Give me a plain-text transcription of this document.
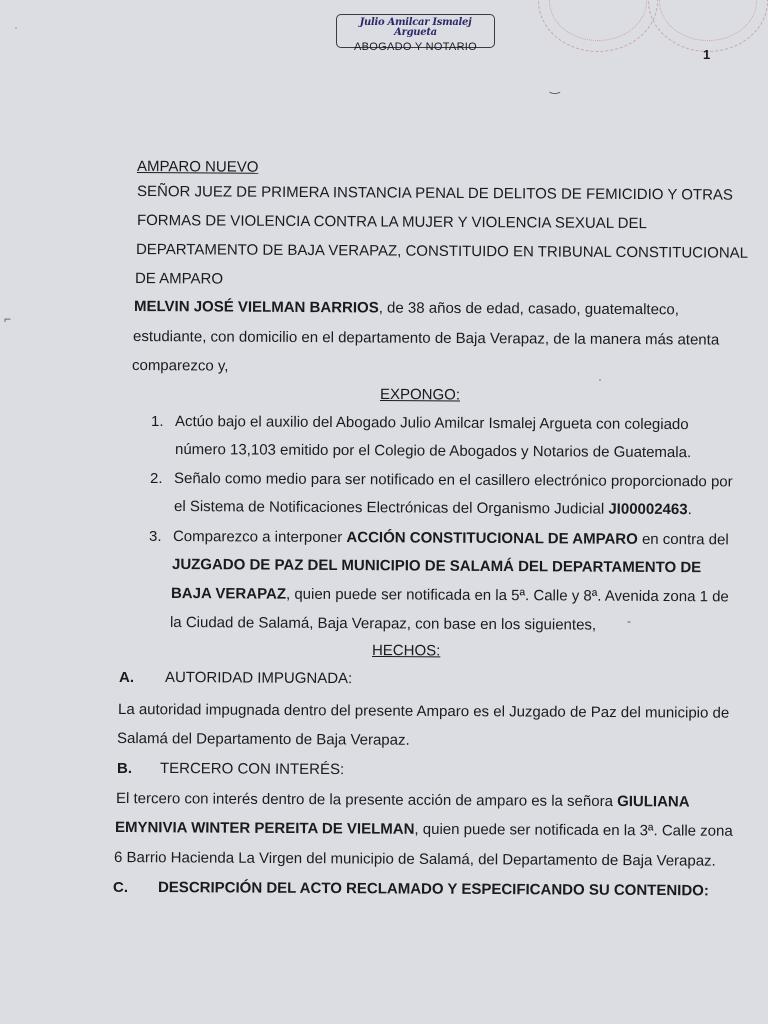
Julio Amilcar Ismalej Argueta
ABOGADO Y NOTARIO	1
·
⌐
‿
AMPARO NUEVO
SEÑOR JUEZ DE PRIMERA INSTANCIA PENAL DE DELITOS DE FEMICIDIO Y OTRAS
FORMAS DE VIOLENCIA CONTRA LA MUJER Y VIOLENCIA SEXUAL DEL
DEPARTAMENTO DE BAJA VERAPAZ, CONSTITUIDO EN TRIBUNAL CONSTITUCIONAL
DE AMPARO
MELVIN JOSÉ VIELMAN BARRIOS, de 38 años de edad, casado, guatemalteco,
estudiante, con domicilio en el departamento de Baja Verapaz, de la manera más atenta
comparezco y,
EXPONGO:
1. Actúo bajo el auxilio del Abogado Julio Amilcar Ismalej Argueta con colegiado
número 13,103 emitido por el Colegio de Abogados y Notarios de Guatemala.
2. Señalo como medio para ser notificado en el casillero electrónico proporcionado por
el Sistema de Notificaciones Electrónicas del Organismo Judicial JI00002463.
3. Comparezco a interponer ACCIÓN CONSTITUCIONAL DE AMPARO en contra del
JUZGADO DE PAZ DEL MUNICIPIO DE SALAMÁ DEL DEPARTAMENTO DE
BAJA VERAPAZ, quien puede ser notificada en la 5ª. Calle y 8ª. Avenida zona 1 de
la Ciudad de Salamá, Baja Verapaz, con base en los siguientes,
HECHOS:
A. AUTORIDAD IMPUGNADA:
La autoridad impugnada dentro del presente Amparo es el Juzgado de Paz del municipio de
Salamá del Departamento de Baja Verapaz.
B. TERCERO CON INTERÉS:
El tercero con interés dentro de la presente acción de amparo es la señora GIULIANA
EMYNIVIA WINTER PEREITA DE VIELMAN, quien puede ser notificada en la 3ª. Calle zona
6 Barrio Hacienda La Virgen del municipio de Salamá, del Departamento de Baja Verapaz.
C. DESCRIPCIÓN DEL ACTO RECLAMADO Y ESPECIFICANDO SU CONTENIDO:
·
-
